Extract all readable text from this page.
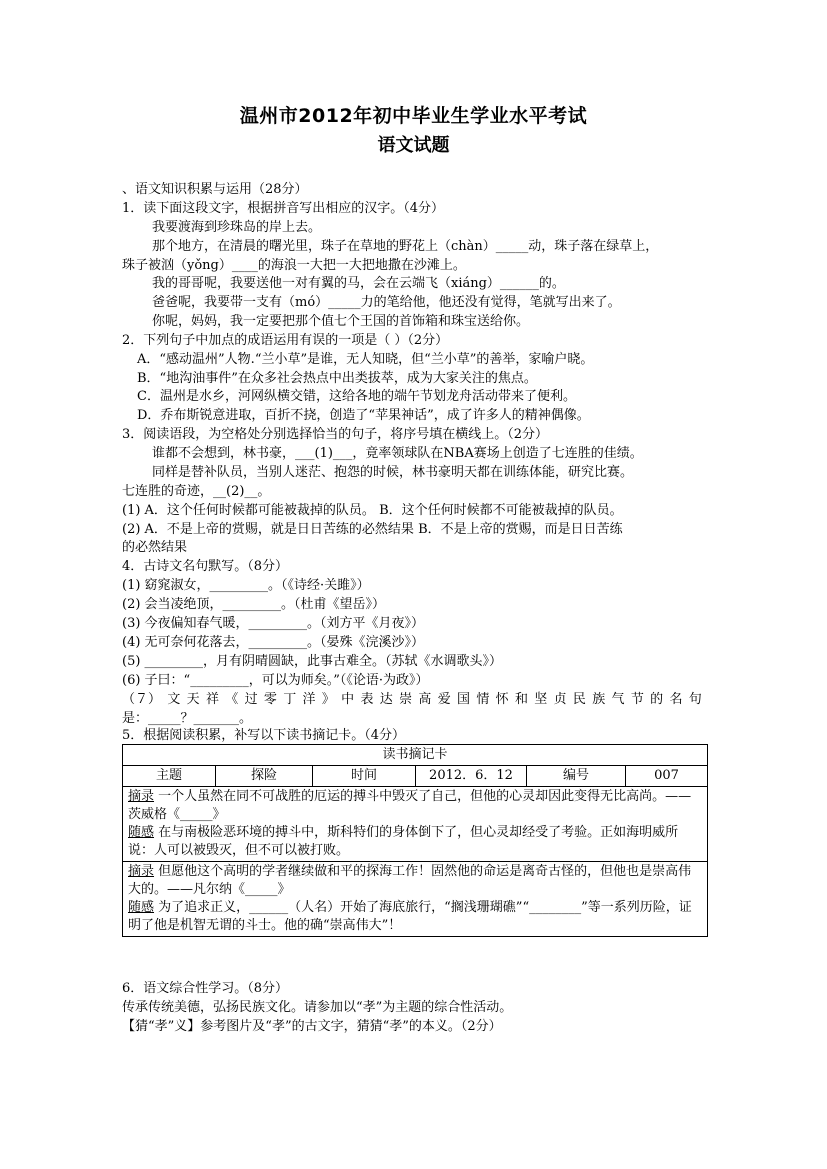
温州市2012年初中毕业生学业水平考试
语文试题
、语文知识积累与运用（28分）
1．读下面这段文字，根据拼音写出相应的汉字。（4分）
我要渡海到珍珠岛的岸上去。
那个地方，在清晨的曙光里，珠子在草地的野花上（chàn）_____动，珠子落在绿草上，
珠子被汹（yǒng）____的海浪一大把一大把地撒在沙滩上。
我的哥哥呢，我要送他一对有翼的马，会在云端飞（xiáng）______的。
爸爸呢，我要带一支有（mó）_____力的笔给他，他还没有觉得，笔就写出来了。
你呢，妈妈，我一定要把那个值七个王国的首饰箱和珠宝送给你。
2．下列句子中加点的成语运用有误的一项是（ ）（2分）
A．“感动温州”人物.“兰小草”是谁，无人知晓，但“兰小草”的善举，家喻户晓。
B．“地沟油事件”在众多社会热点中出类拔萃，成为大家关注的焦点。
C．温州是水乡，河网纵横交错，这给各地的端午节划龙舟活动带来了便利。
D．乔布斯锐意进取，百折不挠，创造了“苹果神话”，成了许多人的精神偶像。
3．阅读语段，为空格处分别选择恰当的句子，将序号填在横线上。（2分）
谁都不会想到，林书豪，___(1)___，竟率领球队在NBA赛场上创造了七连胜的佳绩。
同样是替补队员，当别人迷茫、抱怨的时候，林书豪明天都在训练体能，研究比赛。
七连胜的奇迹，__(2)__。
(1) A．这个任何时候都可能被裁掉的队员。 B．这个任何时候都不可能被裁掉的队员。
(2) A．不是上帝的赏赐，就是日日苦练的必然结果 B．不是上帝的赏赐，而是日日苦练
的必然结果
4．古诗文名句默写。（8分）
(1) 窈窕淑女，_________。（《诗经·关雎》）
(2) 会当凌绝顶，_________。（杜甫《望岳》）
(3) 今夜偏知春气暖，_________。（刘方平《月夜》）
(4) 无可奈何花落去，_________。（晏殊《浣溪沙》）
(5) _________，月有阴晴圆缺，此事古难全。（苏轼《水调歌头》）
(6) 子曰：“_________，可以为师矣。”（《论语·为政》）
（７） 文 天 祥 《 过 零 丁 洋 》 中 表 达 崇 高 爱 国 情 怀 和 坚 贞 民 族 气 节 的 名 句
是：_____？_______。
5．根据阅读积累，补写以下读书摘记卡。（4分）
读书摘记卡
主题	探险	时间	2012．6．12	编号	007

摘录 一个人虽然在同不可战胜的厄运的搏斗中毁灭了自己，但他的心灵却因此变得无比高尚。——茨威格《_____》
随感 在与南极险恶环境的搏斗中，斯科特们的身体倒下了，但心灵却经受了考验。正如海明威所说：人可以被毁灭，但不可以被打败。

摘录 但愿他这个高明的学者继续做和平的探海工作！固然他的命运是离奇古怪的，但他也是崇高伟大的。——凡尔纳《_____》
随感 为了追求正义，______（人名）开始了海底旅行，“搁浅珊瑚礁”“________”等一系列历险，证明了他是机智无谓的斗士。他的确“崇高伟大”！
6．语文综合性学习。（8分）
传承传统美德，弘扬民族文化。请参加以“孝”为主题的综合性活动。
【猜“孝”义】参考图片及“孝”的古文字，猜猜“孝”的本义。（2分）
